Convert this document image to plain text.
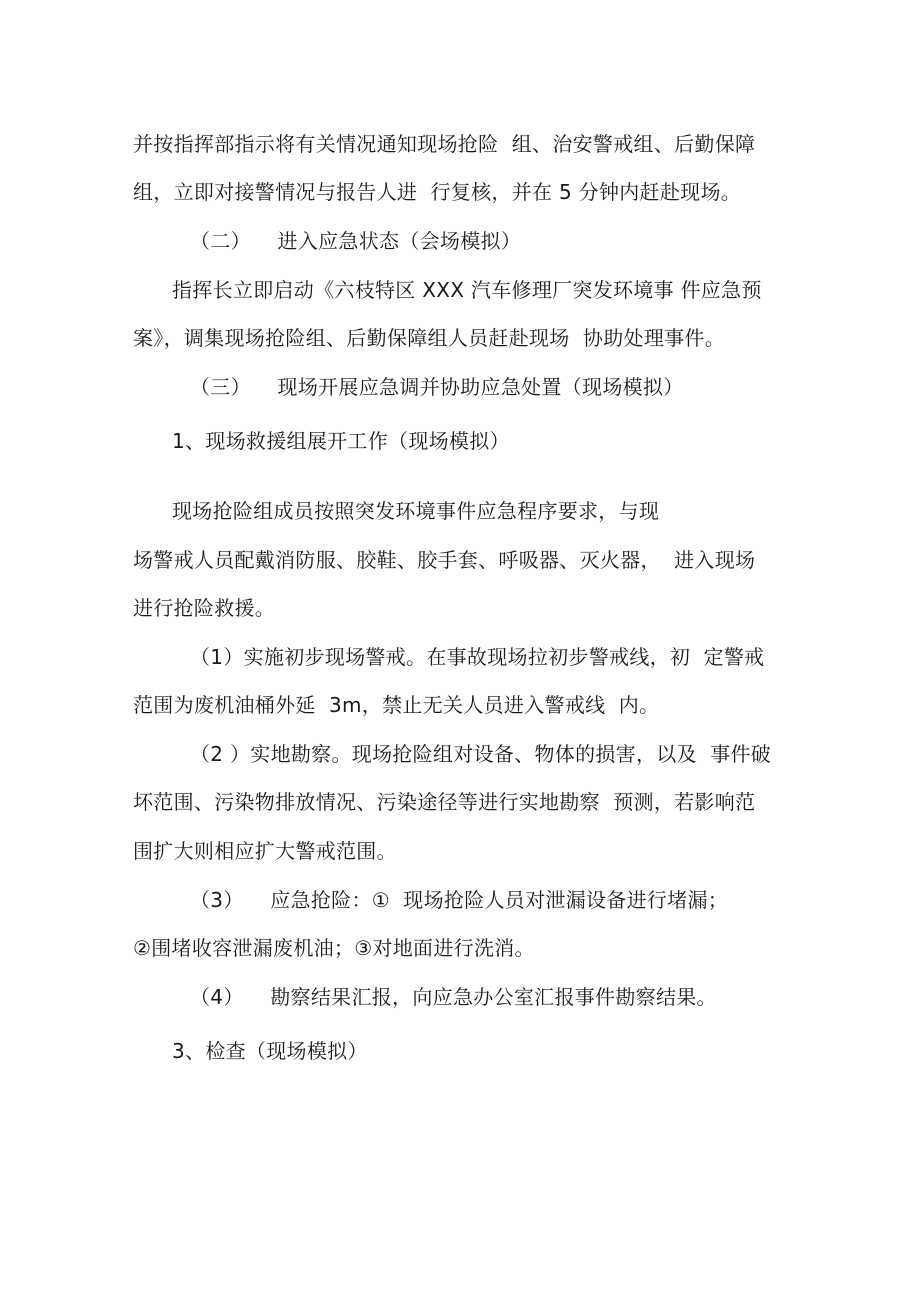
并按指挥部指示将有关情况通知现场抢险  组、治安警戒组、后勤保障
组，立即对接警情况与报告人进  行复核，并在 5 分钟内赶赴现场。
（二）    进入应急状态（会场模拟）
指挥长立即启动《六枝特区 XXX 汽车修理厂突发环境事 件应急预
案》，调集现场抢险组、后勤保障组人员赶赴现场  协助处理事件。
（三）    现场开展应急调并协助应急处置（现场模拟）
1、现场救援组展开工作（现场模拟）
现场抢险组成员按照突发环境事件应急程序要求，与现
场警戒人员配戴消防服、胶鞋、胶手套、呼吸器、灭火器，  进入现场
进行抢险救援。
（1）实施初步现场警戒。在事故现场拉初步警戒线，初  定警戒
范围为废机油桶外延  3m，禁止无关人员进入警戒线  内。
（2 ）实地勘察。现场抢险组对设备、物体的损害，以及  事件破
坏范围、污染物排放情况、污染途径等进行实地勘察  预测，若影响范
围扩大则相应扩大警戒范围。
（3）    应急抢险：①  现场抢险人员对泄漏设备进行堵漏；
②围堵收容泄漏废机油；③对地面进行洗消。
（4）    勘察结果汇报，向应急办公室汇报事件勘察结果。
3、检查（现场模拟）
